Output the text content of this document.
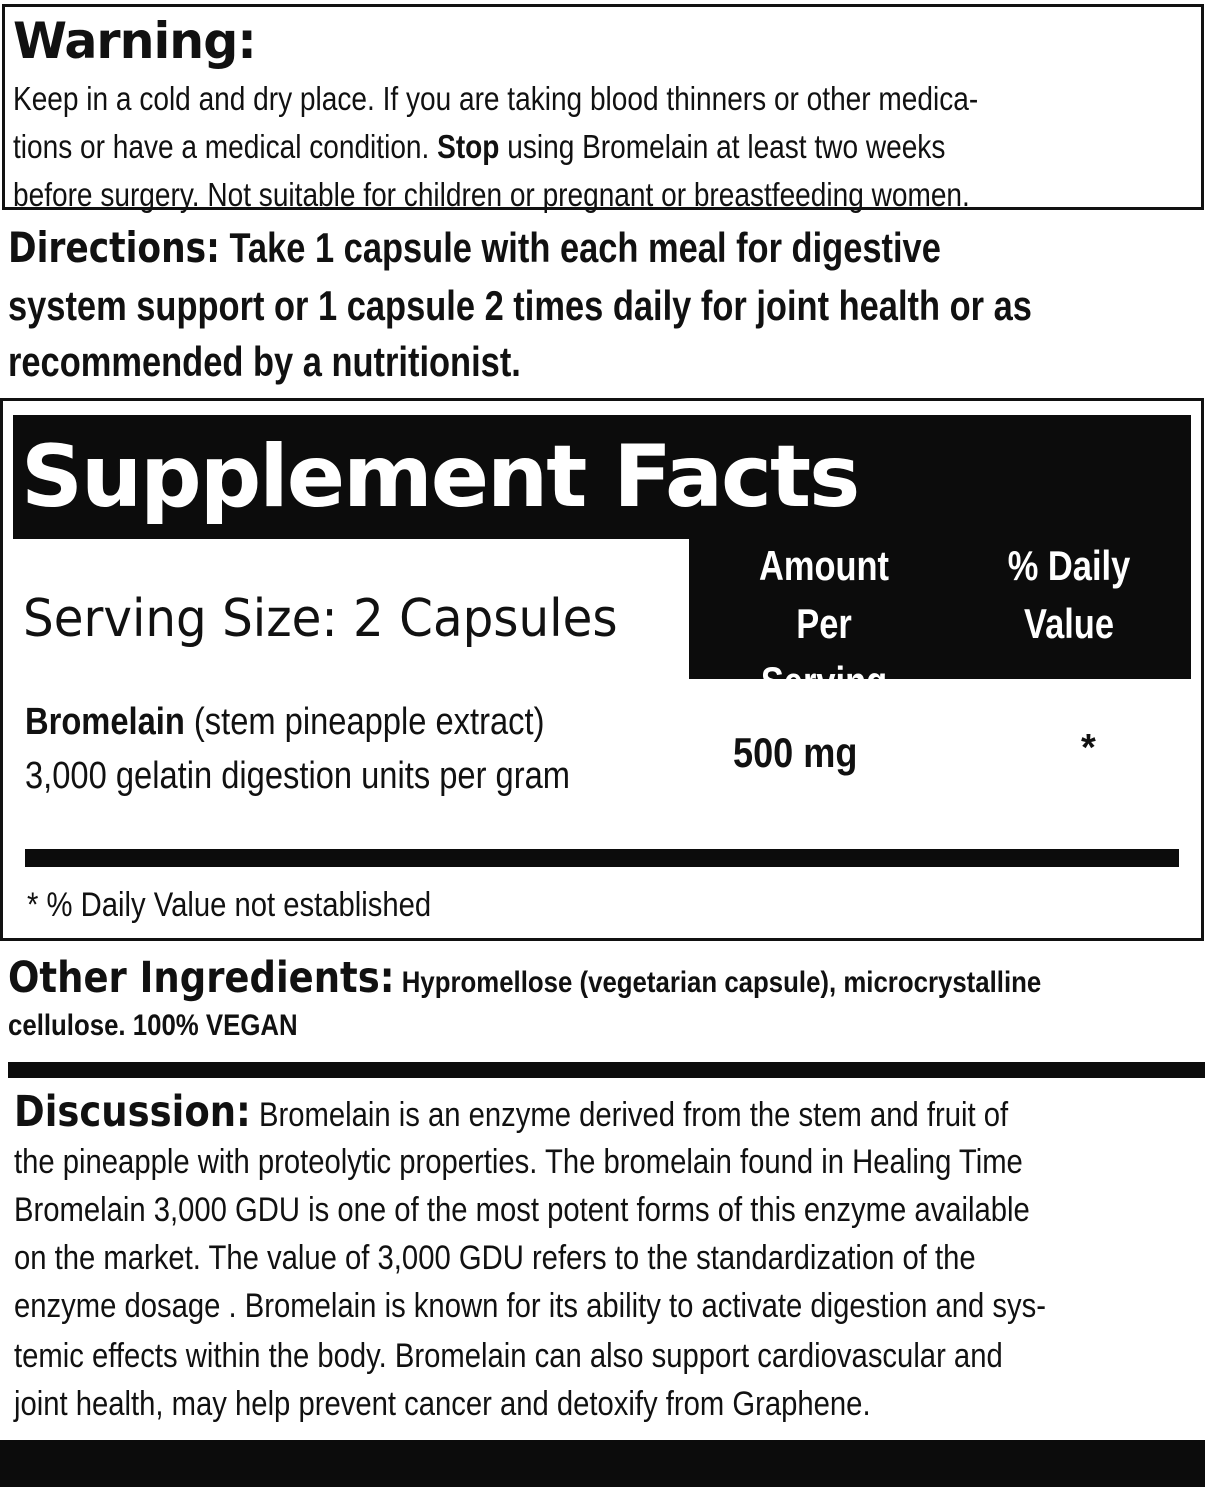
Warning:
Keep in a cold and dry place. If you are taking blood thinners or other medica-
tions or have a medical condition. Stop using Bromelain at least two weeks
before surgery. Not suitable for children or pregnant or breastfeeding women.
Directions: Take 1 capsule with each meal for digestive
system support or 1 capsule 2 times daily for joint health or as
recommended by a nutritionist.
Supplement Facts
Amount Per
Serving
% Daily
Value
Serving Size: 2 Capsules
Bromelain (stem pineapple extract)
3,000 gelatin digestion units per gram	500 mg	*
* % Daily Value not established
Other Ingredients: Hypromellose (vegetarian capsule), microcrystalline
cellulose. 100% VEGAN
Discussion: Bromelain is an enzyme derived from the stem and fruit of
the pineapple with proteolytic properties. The bromelain found in Healing Time
Bromelain 3,000 GDU is one of the most potent forms of this enzyme available
on the market. The value of 3,000 GDU refers to the standardization of the
enzyme dosage . Bromelain is known for its ability to activate digestion and sys-
temic effects within the body. Bromelain can also support cardiovascular and
joint health, may help prevent cancer and detoxify from Graphene.
